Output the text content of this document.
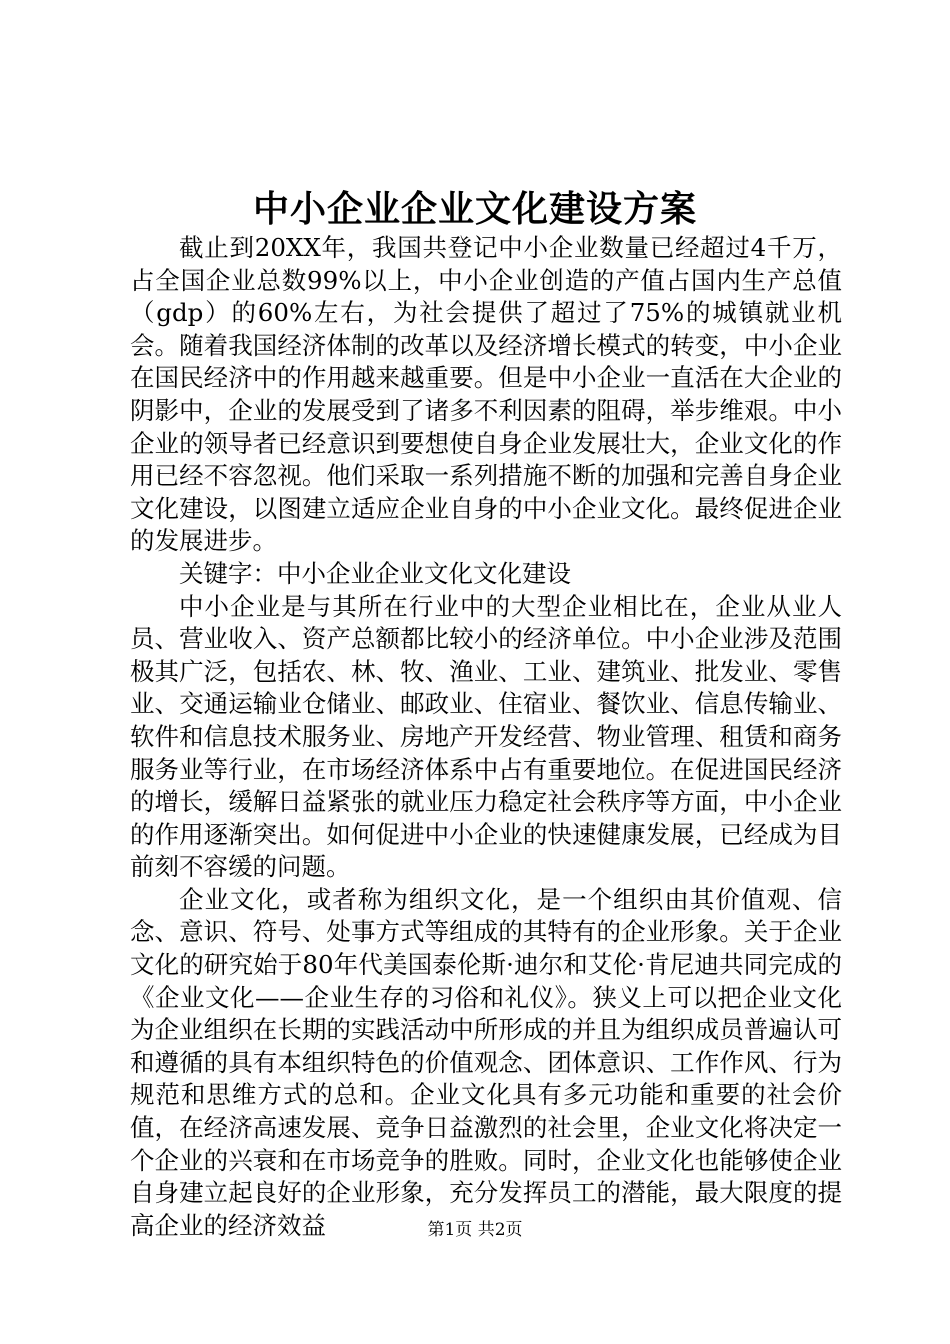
中小企业企业文化建设方案

截止到20XX年，我国共登记中小企业数量已经超过4千万，占全国企业总数99%以上，中小企业创造的产值占国内生产总值（gdp）的60%左右，为社会提供了超过了75%的城镇就业机会。随着我国经济体制的改革以及经济增长模式的转变，中小企业在国民经济中的作用越来越重要。但是中小企业一直活在大企业的阴影中，企业的发展受到了诸多不利因素的阻碍，举步维艰。中小企业的领导者已经意识到要想使自身企业发展壮大，企业文化的作用已经不容忽视。他们采取一系列措施不断的加强和完善自身企业文化建设，以图建立适应企业自身的中小企业文化。最终促进企业的发展进步。

关键字：中小企业企业文化文化建设

中小企业是与其所在行业中的大型企业相比在，企业从业人员、营业收入、资产总额都比较小的经济单位。中小企业涉及范围极其广泛，包括农、林、牧、渔业、工业、建筑业、批发业、零售业、交通运输业仓储业、邮政业、住宿业、餐饮业、信息传输业、软件和信息技术服务业、房地产开发经营、物业管理、租赁和商务服务业等行业，在市场经济体系中占有重要地位。在促进国民经济的增长，缓解日益紧张的就业压力稳定社会秩序等方面，中小企业的作用逐渐突出。如何促进中小企业的快速健康发展，已经成为目前刻不容缓的问题。

企业文化，或者称为组织文化，是一个组织由其价值观、信念、意识、符号、处事方式等组成的其特有的企业形象。关于企业文化的研究始于80年代美国泰伦斯·迪尔和艾伦·肯尼迪共同完成的《企业文化——企业生存的习俗和礼仪》。狭义上可以把企业文化为企业组织在长期的实践活动中所形成的并且为组织成员普遍认可和遵循的具有本组织特色的价值观念、团体意识、工作作风、行为规范和思维方式的总和。企业文化具有多元功能和重要的社会价值，在经济高速发展、竞争日益激烈的社会里，企业文化将决定一个企业的兴衰和在市场竞争的胜败。同时，企业文化也能够使企业自身建立起良好的企业形象，充分发挥员工的潜能，最大限度的提高企业的经济效益	第1页 共2页
